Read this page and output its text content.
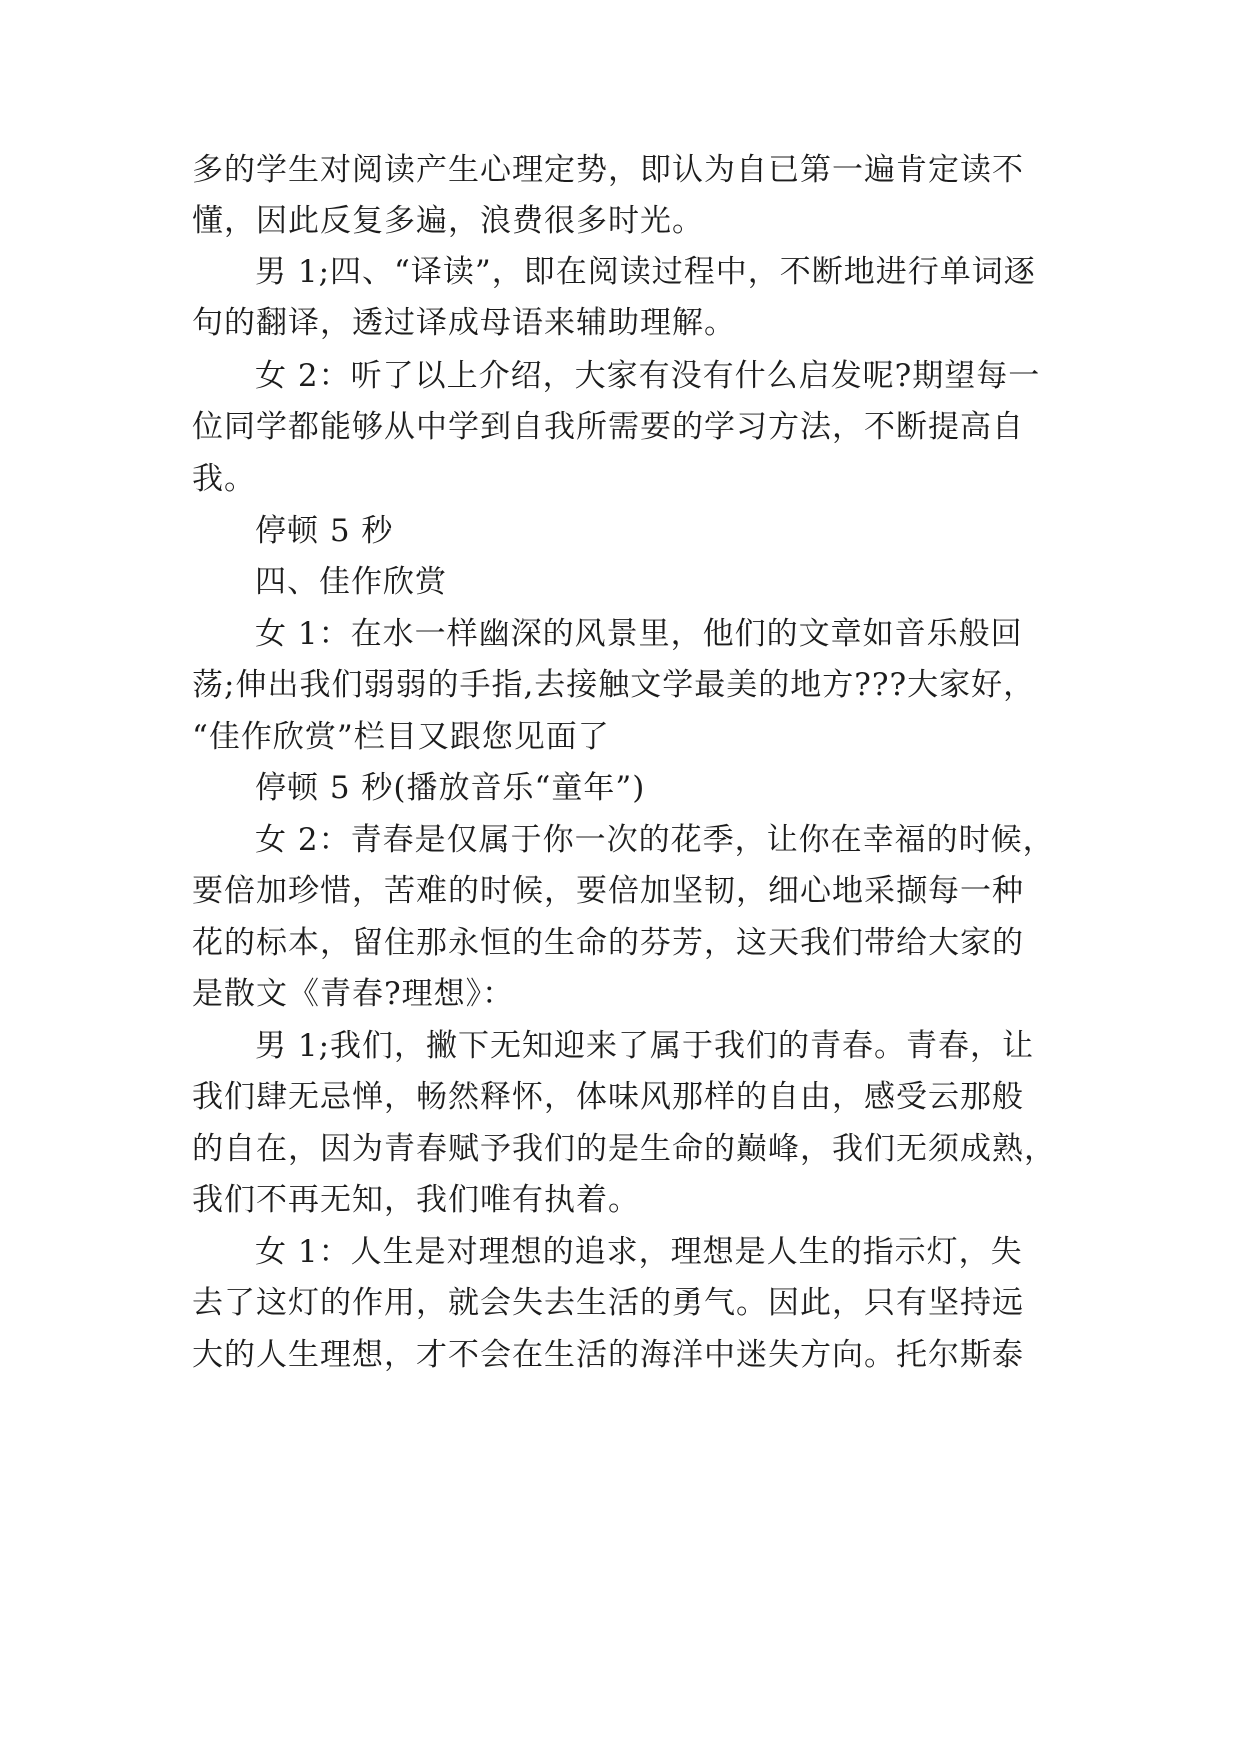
多的学生对阅读产生心理定势，即认为自已第一遍肯定读不
懂，因此反复多遍，浪费很多时光。
男 1;四、“译读”，即在阅读过程中，不断地进行单词逐
句的翻译，透过译成母语来辅助理解。
女 2：听了以上介绍，大家有没有什么启发呢?期望每一
位同学都能够从中学到自我所需要的学习方法，不断提高自
我。
停顿 5 秒
四、佳作欣赏
女 1：在水一样幽深的风景里，他们的文章如音乐般回
荡;伸出我们弱弱的手指,去接触文学最美的地方???大家好，
“佳作欣赏”栏目又跟您见面了
停顿 5 秒(播放音乐“童年”)
女 2：青春是仅属于你一次的花季，让你在幸福的时候，
要倍加珍惜，苦难的时候，要倍加坚韧，细心地采撷每一种
花的标本，留住那永恒的生命的芬芳，这天我们带给大家的
是散文《青春?理想》：
男 1;我们，撇下无知迎来了属于我们的青春。青春，让
我们肆无忌惮，畅然释怀，体味风那样的自由，感受云那般
的自在，因为青春赋予我们的是生命的巅峰，我们无须成熟，
我们不再无知，我们唯有执着。
女 1：人生是对理想的追求，理想是人生的指示灯，失
去了这灯的作用，就会失去生活的勇气。因此，只有坚持远
大的人生理想，才不会在生活的海洋中迷失方向。托尔斯泰
